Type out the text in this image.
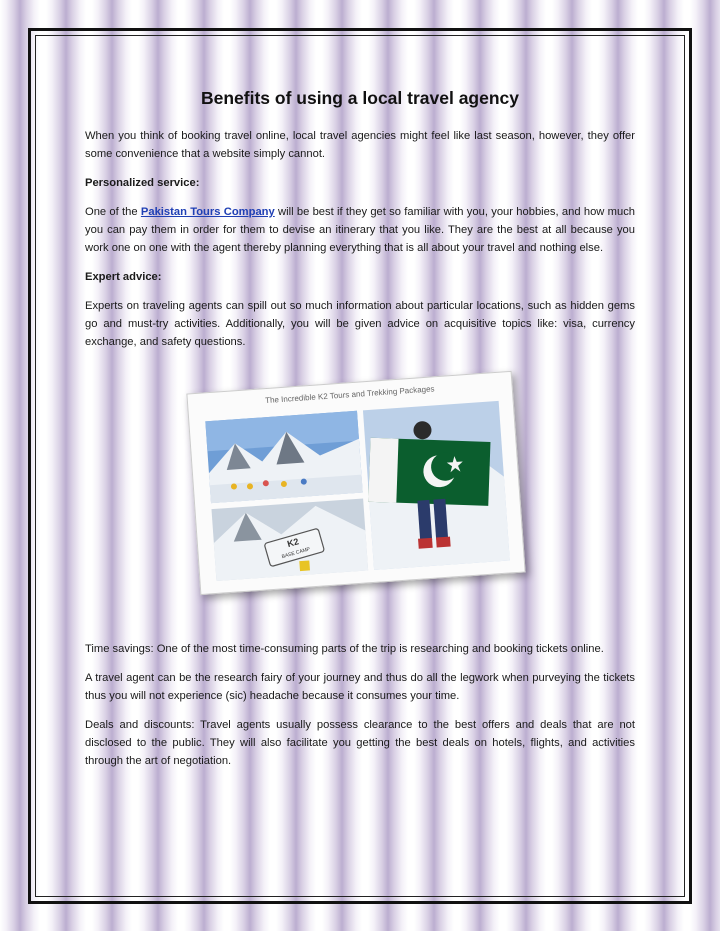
Benefits of using a local travel agency

When you think of booking travel online, local travel agencies might feel like last season, however, they offer some convenience that a website simply cannot.

Personalized service:

One of the Pakistan Tours Company will be best if they get so familiar with you, your hobbies, and how much you can pay them in order for them to devise an itinerary that you like. They are the best at all because you work one on one with the agent thereby planning everything that is all about your travel and nothing else.

Expert advice:

Experts on traveling agents can spill out so much information about particular locations, such as hidden gems go and must-try activities. Additionally, you will be given advice on acquisitive topics like: visa, currency exchange, and safety questions.

The Incredible K2 Tours and Trekking Packages
K2
BASE CAMP

Time savings: One of the most time-consuming parts of the trip is researching and booking tickets online.

A travel agent can be the research fairy of your journey and thus do all the legwork when purveying the tickets thus you will not experience (sic) headache because it consumes your time.

Deals and discounts: Travel agents usually possess clearance to the best offers and deals that are not disclosed to the public. They will also facilitate you getting the best deals on hotels, flights, and activities through the art of negotiation.
